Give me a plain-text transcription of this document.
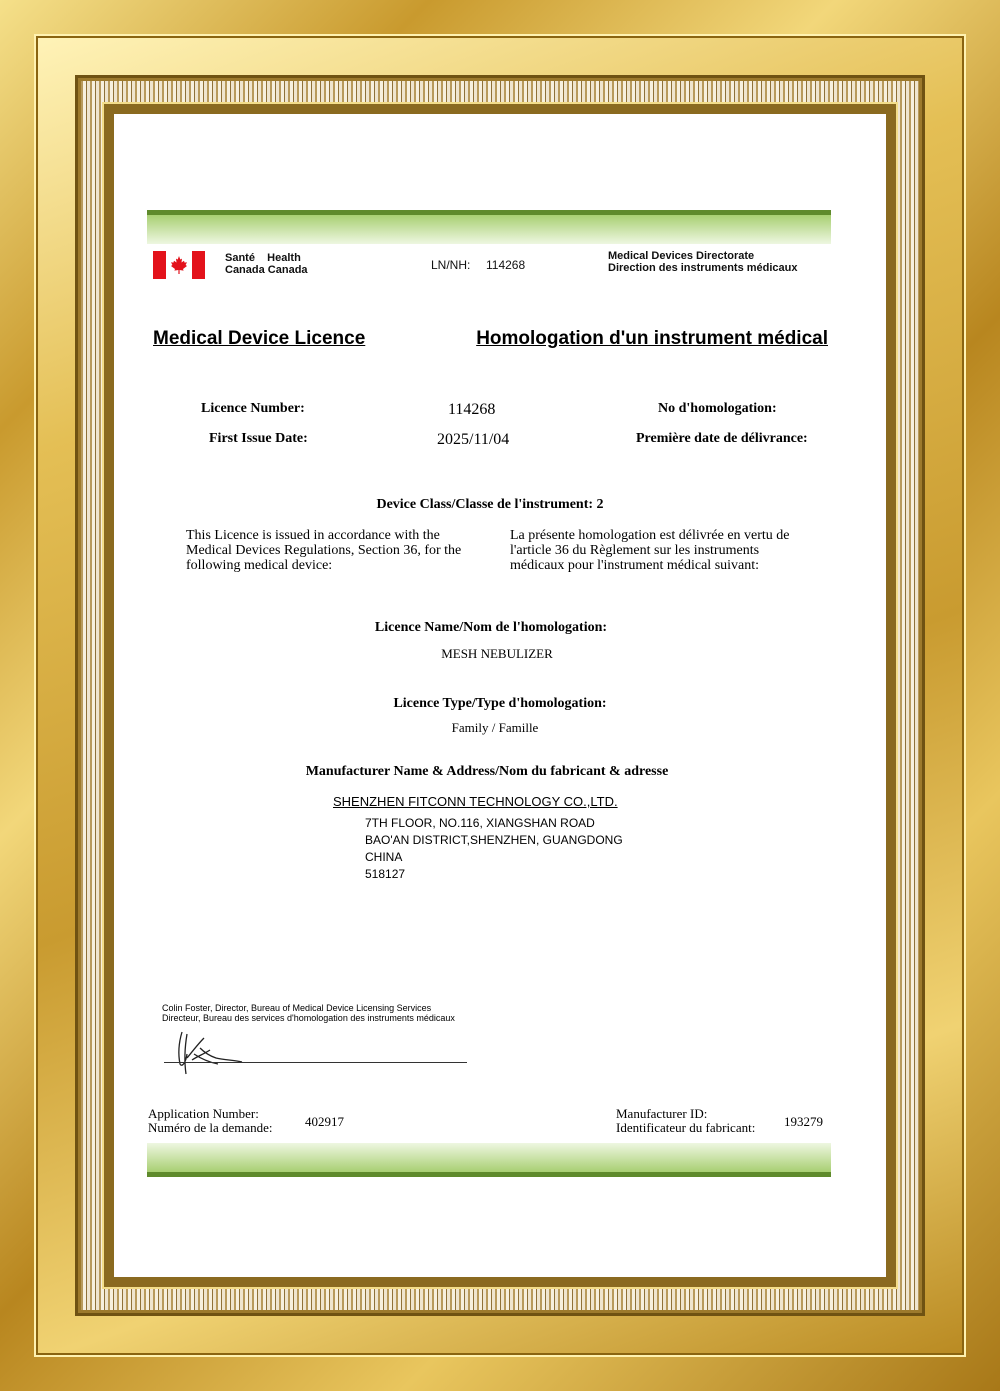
Santé    Health
Canada Canada	LN/NH: 114268
Medical Devices Directorate
Direction des instruments médicaux
Medical Device Licence	Homologation d'un instrument médical
Licence Number:	114268	No d'homologation:
First Issue Date:	2025/11/04	Première date de délivrance:
Device Class/Classe de l'instrument: 2
This Licence is issued in accordance with the Medical Devices Regulations, Section 36, for the following medical device:
La présente homologation est délivrée en vertu de l'article 36 du Règlement sur les instruments médicaux pour l'instrument médical suivant:
Licence Name/Nom de l'homologation:
MESH NEBULIZER
Licence Type/Type d'homologation:
Family / Famille
Manufacturer Name & Address/Nom du fabricant & adresse
SHENZHEN FITCONN TECHNOLOGY CO.,LTD.
7TH FLOOR, NO.116, XIANGSHAN ROAD
BAO'AN DISTRICT,SHENZHEN, GUANGDONG
CHINA
518127
Colin Foster, Director, Bureau of Medical Device Licensing Services
Directeur, Bureau des services d'homologation des instruments médicaux
Application Number:
Numéro de la demande: 402917
Manufacturer ID:
Identificateur du fabricant: 193279
